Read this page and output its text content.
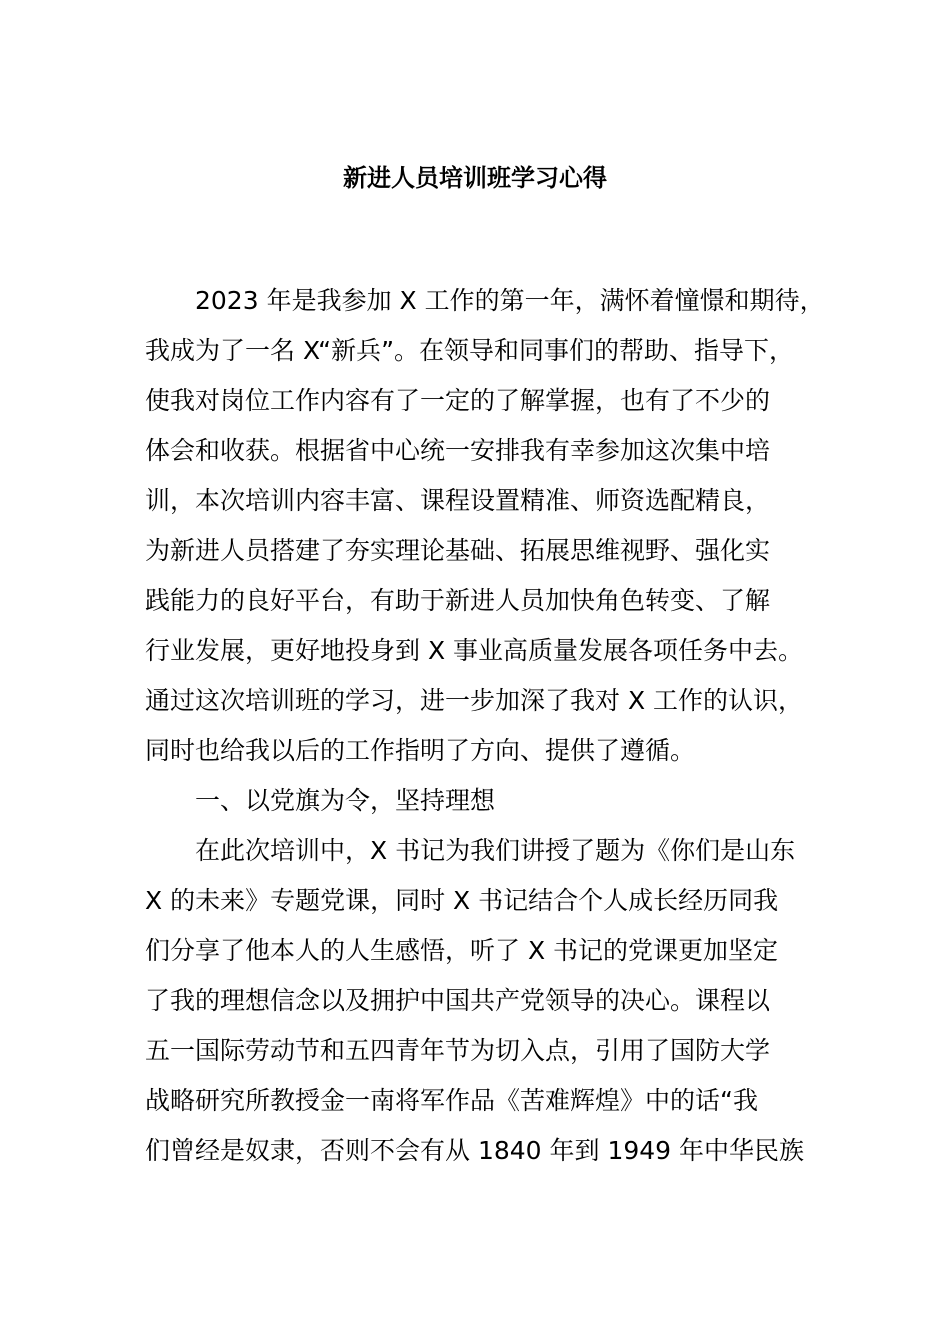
新进人员培训班学习心得
2023 年是我参加 X 工作的第一年，满怀着憧憬和期待，
我成为了一名 X“新兵”。在领导和同事们的帮助、指导下，
使我对岗位工作内容有了一定的了解掌握，也有了不少的
体会和收获。根据省中心统一安排我有幸参加这次集中培
训，本次培训内容丰富、课程设置精准、师资选配精良，
为新进人员搭建了夯实理论基础、拓展思维视野、强化实
践能力的良好平台，有助于新进人员加快角色转变、了解
行业发展，更好地投身到 X 事业高质量发展各项任务中去。
通过这次培训班的学习，进一步加深了我对 X 工作的认识，
同时也给我以后的工作指明了方向、提供了遵循。
一、以党旗为令，坚持理想
在此次培训中，X 书记为我们讲授了题为《你们是山东
X 的未来》专题党课，同时 X 书记结合个人成长经历同我
们分享了他本人的人生感悟，听了 X 书记的党课更加坚定
了我的理想信念以及拥护中国共产党领导的决心。课程以
五一国际劳动节和五四青年节为切入点，引用了国防大学
战略研究所教授金一南将军作品《苦难辉煌》中的话“我
们曾经是奴隶，否则不会有从 1840 年到 1949 年中华民族
